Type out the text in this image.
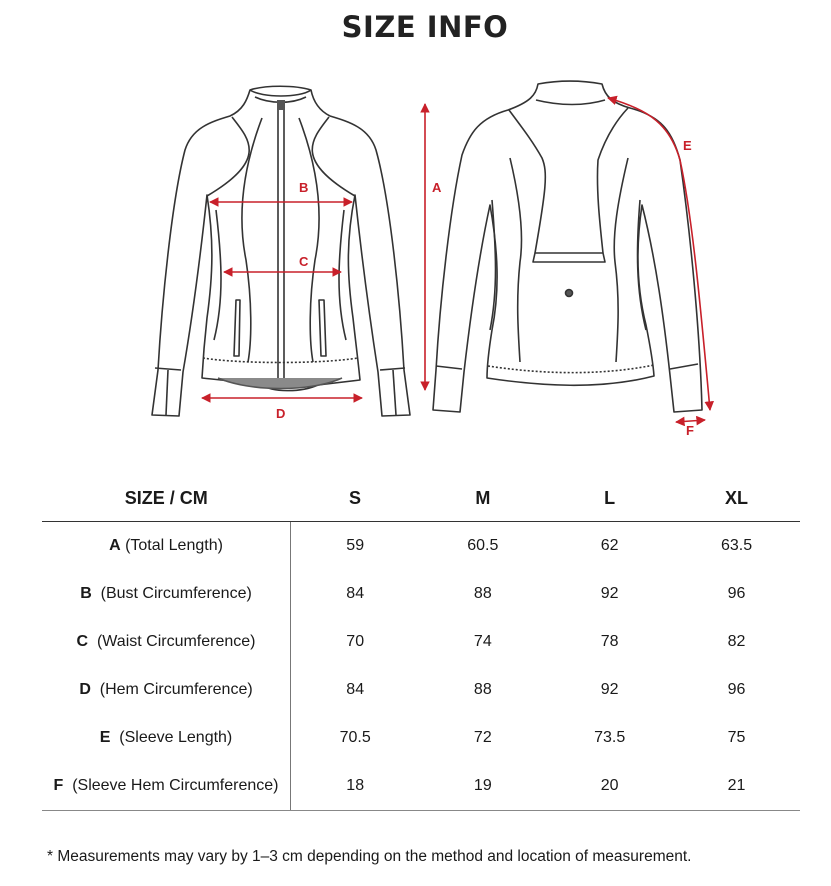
SIZE INFO
B
C
D
A
E
F
SIZE / CM	S	M	L	XL
A (Total Length)	59	60.5	62	63.5
B (Bust Circumference)	84	88	92	96
C (Waist Circumference)	70	74	78	82
D (Hem Circumference)	84	88	92	96
E (Sleeve Length)	70.5	72	73.5	75
F (Sleeve Hem Circumference)	18	19	20	21
* Measurements may vary by 1–3 cm depending on the method and location of measurement.
